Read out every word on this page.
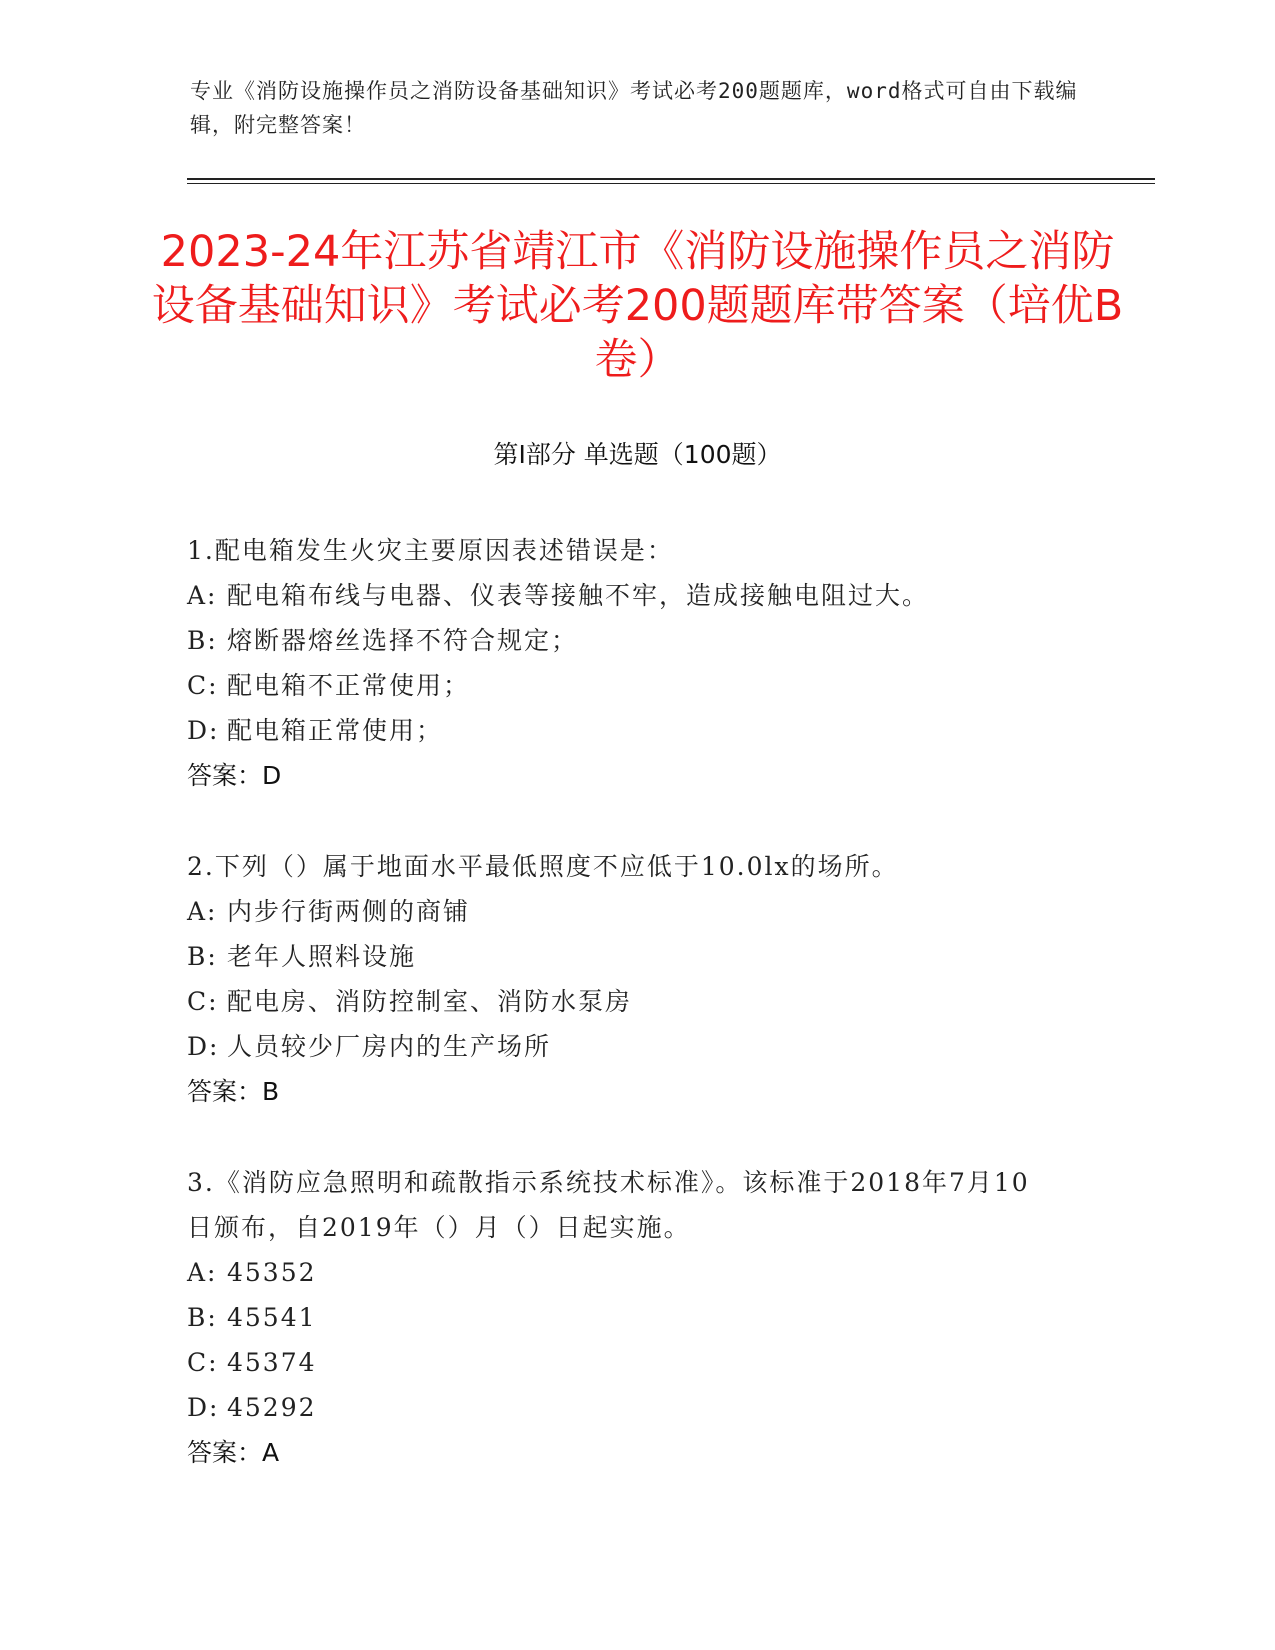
专业《消防设施操作员之消防设备基础知识》考试必考200题题库，word格式可自由下载编辑，附完整答案！
2023-24年江苏省靖江市《消防设施操作员之消防设备基础知识》考试必考200题题库带答案（培优B卷）
第I部分 单选题（100题）
1.配电箱发生火灾主要原因表述错误是：
A: 配电箱布线与电器、仪表等接触不牢，造成接触电阻过大。
B: 熔断器熔丝选择不符合规定；
C: 配电箱不正常使用；
D: 配电箱正常使用；
答案：D
2.下列（）属于地面水平最低照度不应低于10.0lx的场所。
A: 内步行街两侧的商铺
B: 老年人照料设施
C: 配电房、消防控制室、消防水泵房
D: 人员较少厂房内的生产场所
答案：B
3.《消防应急照明和疏散指示系统技术标准》。该标准于2018年7月10日颁布，自2019年（）月（）日起实施。
A: 45352
B: 45541
C: 45374
D: 45292
答案：A
